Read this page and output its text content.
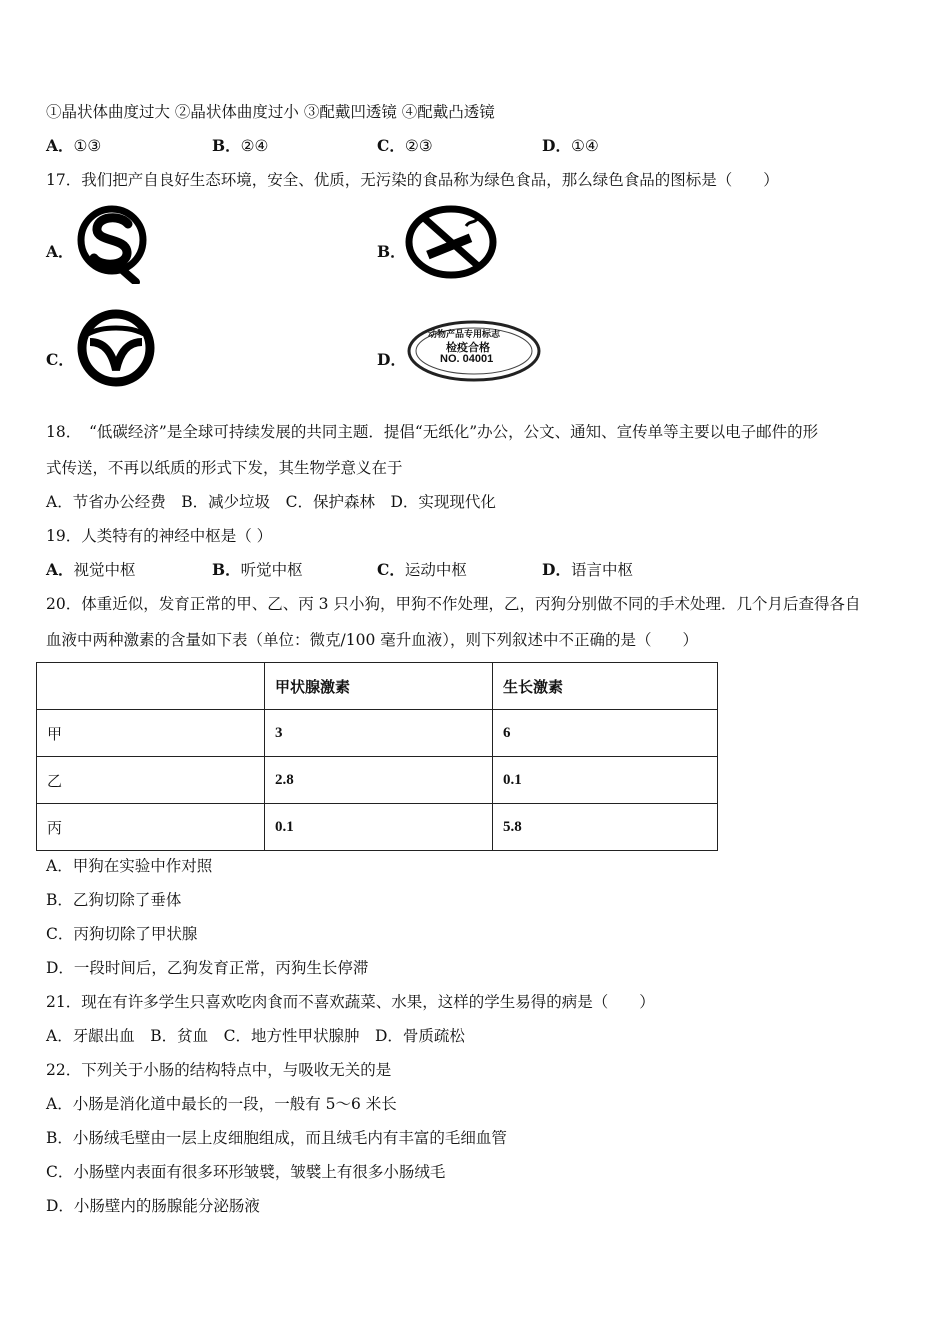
①晶状体曲度过大 ②晶状体曲度过小 ③配戴凹透镜 ④配戴凸透镜
A．①③	B．②④	C．②③	D．①④
17．我们把产自良好生态环境，安全、优质，无污染的食品称为绿色食品，那么绿色食品的图标是（　　）
A．	B．
C．	D．
动物产品专用标志
检疫合格
NO. 04001
18．　“低碳经济”是全球可持续发展的共同主题．提倡“无纸化”办公，公文、通知、宣传单等主要以电子邮件的形
式传送，不再以纸质的形式下发，其生物学意义在于
A．节省办公经费　B．减少垃圾　C．保护森林　D．实现现代化
19．人类特有的神经中枢是（ ）
A．视觉中枢	B．听觉中枢	C．运动中枢	D．语言中枢
20．体重近似，发育正常的甲、乙、丙 3 只小狗，甲狗不作处理，乙，丙狗分别做不同的手术处理．几个月后查得各自
血液中两种激素的含量如下表（单位：微克/100 毫升血液），则下列叙述中不正确的是（　　）
	甲状腺激素	生长激素
甲	3	6
乙	2.8	0.1
丙	0.1	5.8
A．甲狗在实验中作对照
B．乙狗切除了垂体
C．丙狗切除了甲状腺
D．一段时间后，乙狗发育正常，丙狗生长停滞
21．现在有许多学生只喜欢吃肉食而不喜欢蔬菜、水果，这样的学生易得的病是（　　）
A．牙龈出血　B．贫血　C．地方性甲状腺肿　D．骨质疏松
22．下列关于小肠的结构特点中，与吸收无关的是
A．小肠是消化道中最长的一段，一般有 5～6 米长
B．小肠绒毛壁由一层上皮细胞组成，而且绒毛内有丰富的毛细血管
C．小肠壁内表面有很多环形皱襞，皱襞上有很多小肠绒毛
D．小肠壁内的肠腺能分泌肠液
